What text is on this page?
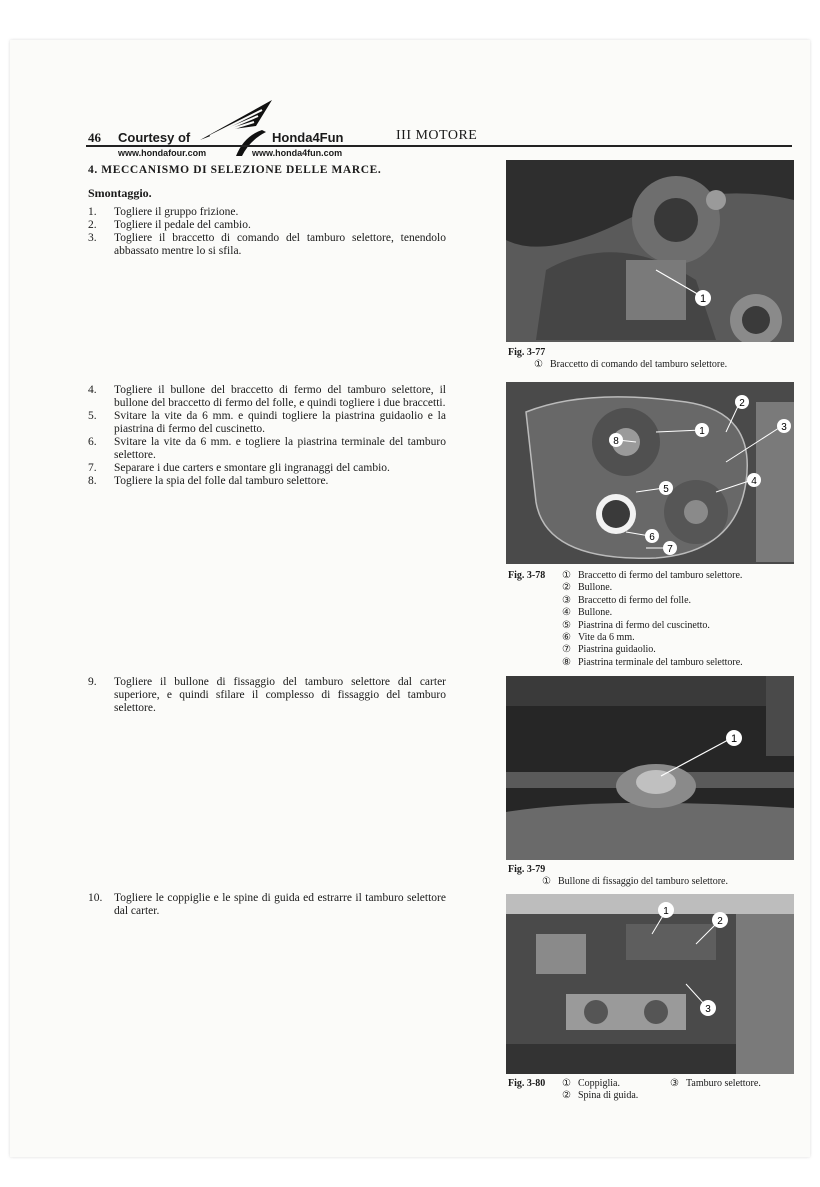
46 Courtesy of
www.hondafour.com
Honda4Fun
www.honda4fun.com
III MOTORE
4. MECCANISMO DI SELEZIONE DELLE MARCE.
Smontaggio.
1.	Togliere il gruppo frizione.
2.	Togliere il pedale del cambio.
3.	Togliere il braccetto di comando del tamburo selettore, tenendolo abbassato mentre lo si sfila.
4.	Togliere il bullone del braccetto di fermo del tamburo selettore, il bullone del braccetto di fermo del folle, e quindi togliere i due braccetti.
5.	Svitare la vite da 6 mm. e quindi togliere la piastrina guidaolio e la piastrina di fermo del cuscinetto.
6.	Svitare la vite da 6 mm. e togliere la piastrina terminale del tamburo selettore.
7.	Separare i due carters e smontare gli ingranaggi del cambio.
8.	Togliere la spia del folle dal tamburo selettore.
9.	Togliere il bullone di fissaggio del tamburo selettore dal carter superiore, e quindi sfilare il complesso di fissaggio del tamburo selettore.
10.	Togliere le coppiglie e le spine di guida ed estrarre il tamburo selettore dal carter.
1
Fig. 3-77
① Braccetto di comando del tamburo selettore.
1
2
3
4
5
6
7
8
Fig. 3-78	① Braccetto di fermo del tamburo selettore.
② Bullone.
③ Braccetto di fermo del folle.
④ Bullone.
⑤ Piastrina di fermo del cuscinetto.
⑥ Vite da 6 mm.
⑦ Piastrina guidaolio.
⑧ Piastrina terminale del tamburo selettore.
1
Fig. 3-79
① Bullone di fissaggio del tamburo selettore.
1
2
3
Fig. 3-80	① Coppiglia.	③ Tamburo selettore.
② Spina di guida.
